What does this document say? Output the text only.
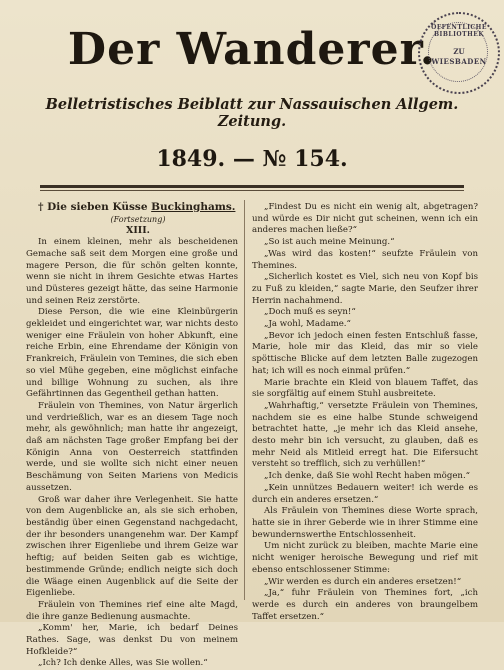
Der Wanderer.
Belletristisches Beiblatt zur Nassauischen Allgem. Zeitung.
1849. — № 154.
ÖFFENTLICHE BIBLIOTHEK
ZU
WIESBADEN

† Die sieben Küsse Buckinghams.

(Fortsetzung)

XIII.

In einem kleinen, mehr als bescheidenen Gemache saß seit dem Morgen eine große und magere Person, die für schön gelten konnte, wenn sie nicht in ihrem Gesichte etwas Hartes und Düsteres gezeigt hätte, das seine Harmonie und seinen Reiz zerstörte.

Diese Person, die wie eine Kleinbürgerin gekleidet und eingerichtet war, war nichts desto weniger eine Fräulein von hoher Abkunft, eine reiche Erbin, eine Ehrendame der Königin von Frankreich, Fräulein von Temines, die sich eben so viel Mühe gegeben, eine möglichst einfache und billige Wohnung zu suchen, als ihre Gefährtinnen das Gegentheil gethan hatten.

Fräulein von Themines, von Natur ärgerlich und verdrießlich, war es an diesem Tage noch mehr, als gewöhnlich; man hatte ihr angezeigt, daß am nächsten Tage großer Empfang bei der Königin Anna von Oesterreich stattfinden werde, und sie wollte sich nicht einer neuen Beschämung von Seiten Mariens von Medicis aussetzen.

Groß war daher ihre Verlegenheit. Sie hatte von dem Augenblicke an, als sie sich erhoben, beständig über einen Gegenstand nachgedacht, der ihr besonders unangenehm war. Der Kampf zwischen ihrer Eigenliebe und ihrem Geize war heftig; auf beiden Seiten gab es wichtige, bestimmende Gründe; endlich neigte sich doch die Wäage einen Augenblick auf die Seite der Eigenliebe.

Fräulein von Themines rief eine alte Magd, die ihre ganze Bedienung ausmachte.

„Komm' her, Marie, ich bedarf Deines Rathes. Sage, was denkst Du von meinem Hofkleide?“

„Ich? Ich denke Alles, was Sie wollen.“

„Findest Du es nicht ein wenig alt, abgetragen? und würde es Dir nicht gut scheinen, wenn ich ein anderes machen ließe?“

„So ist auch meine Meinung.“

„Was wird das kosten!“ seufzte Fräulein von Themines.

„Sicherlich kostet es Viel, sich neu von Kopf bis zu Fuß zu kleiden,“ sagte Marie, den Seufzer ihrer Herrin nachahmend.

„Doch muß es seyn!“

„Ja wohl, Madame.“

„Bevor ich jedoch einen festen Entschluß fasse, Marie, hole mir das Kleid, das mir so viele spöttische Blicke auf dem letzten Balle zugezogen hat; ich will es noch einmal prüfen.“

Marie brachte ein Kleid von blauem Taffet, das sie sorgfältig auf einem Stuhl ausbreitete.

„Wahrhaftig,“ versetzte Fräulein von Themines, nachdem sie es eine halbe Stunde schweigend betrachtet hatte, „je mehr ich das Kleid ansehe, desto mehr bin ich versucht, zu glauben, daß es mehr Neid als Mitleid erregt hat. Die Eifersucht versteht so trefflich, sich zu verhüllen!“

„Ich denke, daß Sie wohl Recht haben mögen.“

„Kein unnützes Bedauern weiter! ich werde es durch ein anderes ersetzen.“

Als Fräulein von Themines diese Worte sprach, hatte sie in ihrer Geberde wie in ihrer Stimme eine bewundernswerthe Entschlossenheit.

Um nicht zurück zu bleiben, machte Marie eine nicht weniger heroische Bewegung und rief mit ebenso entschlossener Stimme:

„Wir werden es durch ein anderes ersetzen!“

„Ja,“ fuhr Fräulein von Themines fort, „ich werde es durch ein anderes von braungelbem Taffet ersetzen.“
